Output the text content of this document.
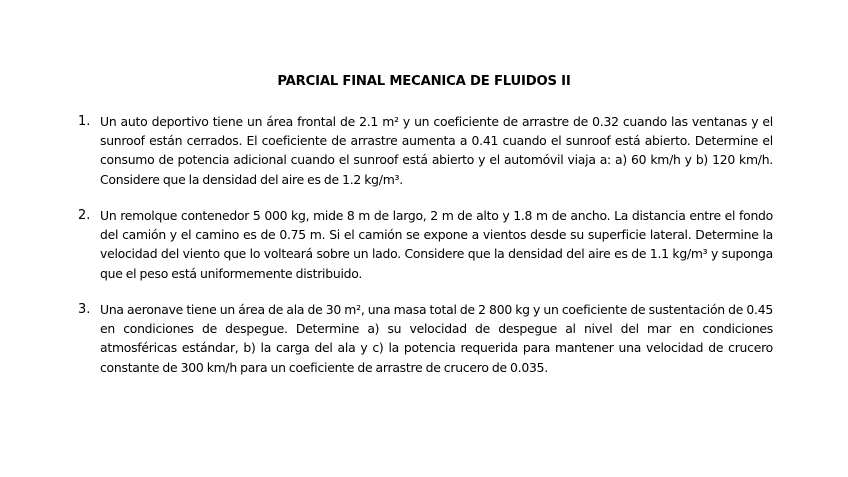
PARCIAL FINAL MECANICA DE FLUIDOS II
1. Un auto deportivo tiene un área frontal de 2.1 m² y un coeficiente de arrastre de 0.32 cuando las ventanas y el sunroof están cerrados. El coeficiente de arrastre aumenta a 0.41 cuando el sunroof está abierto. Determine el consumo de potencia adicional cuando el sunroof está abierto y el automóvil viaja a: a) 60 km/h y b) 120 km/h. Considere que la densidad del aire es de 1.2 kg/m³.

2. Un remolque contenedor 5 000 kg, mide 8 m de largo, 2 m de alto y 1.8 m de ancho. La distancia entre el fondo del camión y el camino es de 0.75 m. Si el camión se expone a vientos desde su superficie lateral. Determine la velocidad del viento que lo volteará sobre un lado. Considere que la densidad del aire es de 1.1 kg/m³ y suponga que el peso está uniformemente distribuido.

3. Una aeronave tiene un área de ala de 30 m², una masa total de 2 800 kg y un coeficiente de sustentación de 0.45 en condiciones de despegue. Determine a) su velocidad de despegue al nivel del mar en condiciones atmosféricas estándar, b) la carga del ala y c) la potencia requerida para mantener una velocidad de crucero constante de 300 km/h para un coeficiente de arrastre de crucero de 0.035.
